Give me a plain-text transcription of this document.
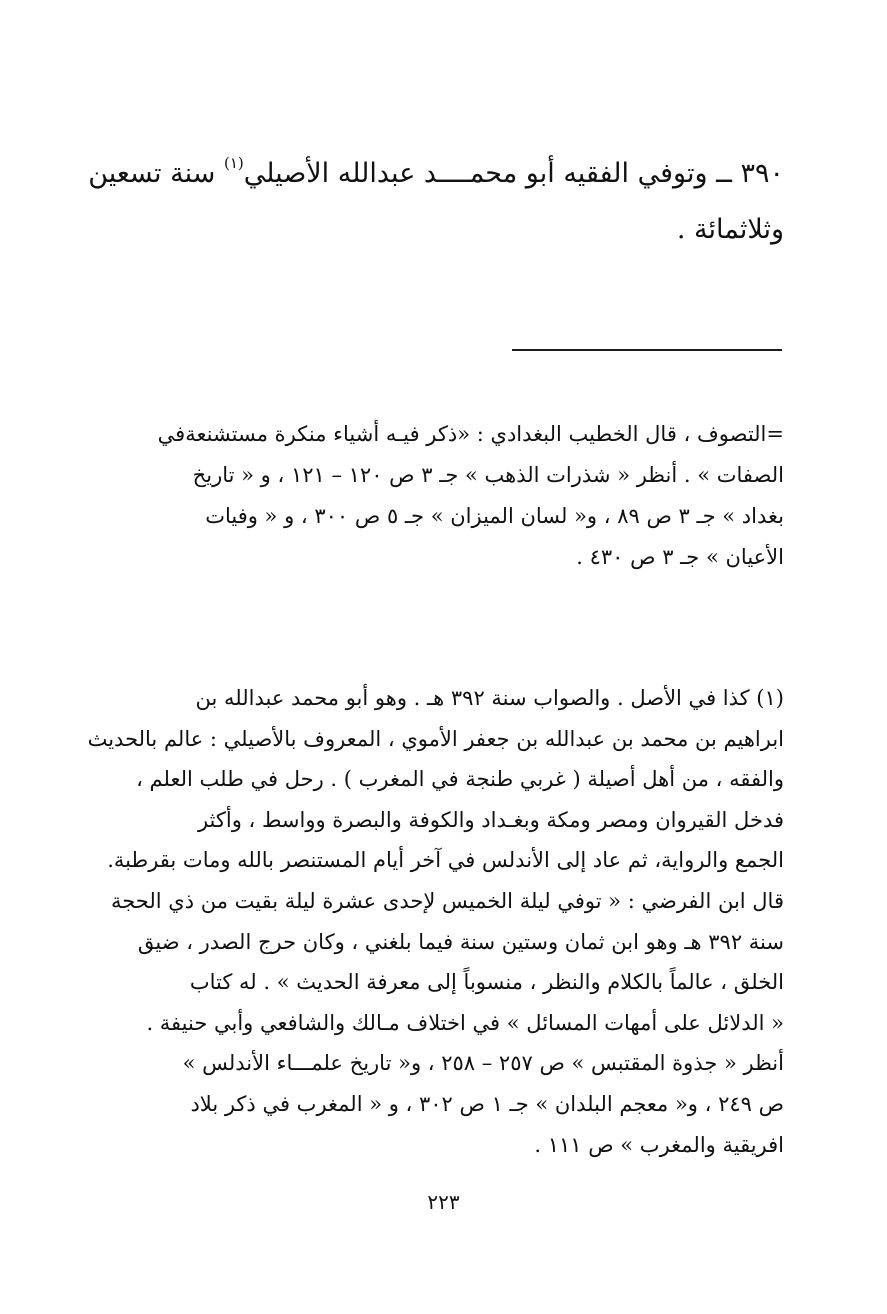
٣٩٠ ــ وتوفي الفقيه أبو محمــــد عبدالله الأصيلي$^{(١)}$ سنة تسعين
وثلاثمائة .
=التصوف ، قال الخطيب البغدادي : «ذكر فيـه أشياء منكرة مستشنعةفي
الصفات » . أنظر « شذرات الذهب » جـ ٣ ص ١٢٠ – ١٢١ ، و « تاريخ
بغداد » جـ ٣ ص ٨٩ ، و« لسان الميزان » جـ ٥ ص ٣٠٠ ، و « وفيات
الأعيان » جـ ٣ ص ٤٣٠ .
(١) كذا في الأصل . والصواب سنة ٣٩٢ هـ . وهو أبو محمد عبدالله بن
ابراهيم بن محمد بن عبدالله بن جعفر الأموي ، المعروف بالأصيلي : عالم بالحديث
والفقه ، من أهل أصيلة ( غربي طنجة في المغرب ) . رحل في طلب العلم ،
فدخل القيروان ومصر ومكة وبغـداد والكوفة والبصرة وواسط ، وأكثر
الجمع والرواية، ثم عاد إلى الأندلس في آخر أيام المستنصر بالله ومات بقرطبة.
قال ابن الفرضي : « توفي ليلة الخميس لإحدى عشرة ليلة بقيت من ذي الحجة
سنة ٣٩٢ هـ وهو ابن ثمان وستين سنة فيما بلغني ، وكان حرج الصدر ، ضيق
الخلق ، عالماً بالكلام والنظر ، منسوباً إلى معرفة الحديث » . له كتاب
« الدلائل على أمهات المسائل » في اختلاف مـالك والشافعي وأبي حنيفة .
أنظر « جذوة المقتبس » ص ٢٥٧ – ٢٥٨ ، و« تاريخ علمـــاء الأندلس »
ص ٢٤٩ ، و« معجم البلدان » جـ ١ ص ٣٠٢ ، و « المغرب في ذكر بلاد
افريقية والمغرب » ص ١١١ .
٢٢٣
